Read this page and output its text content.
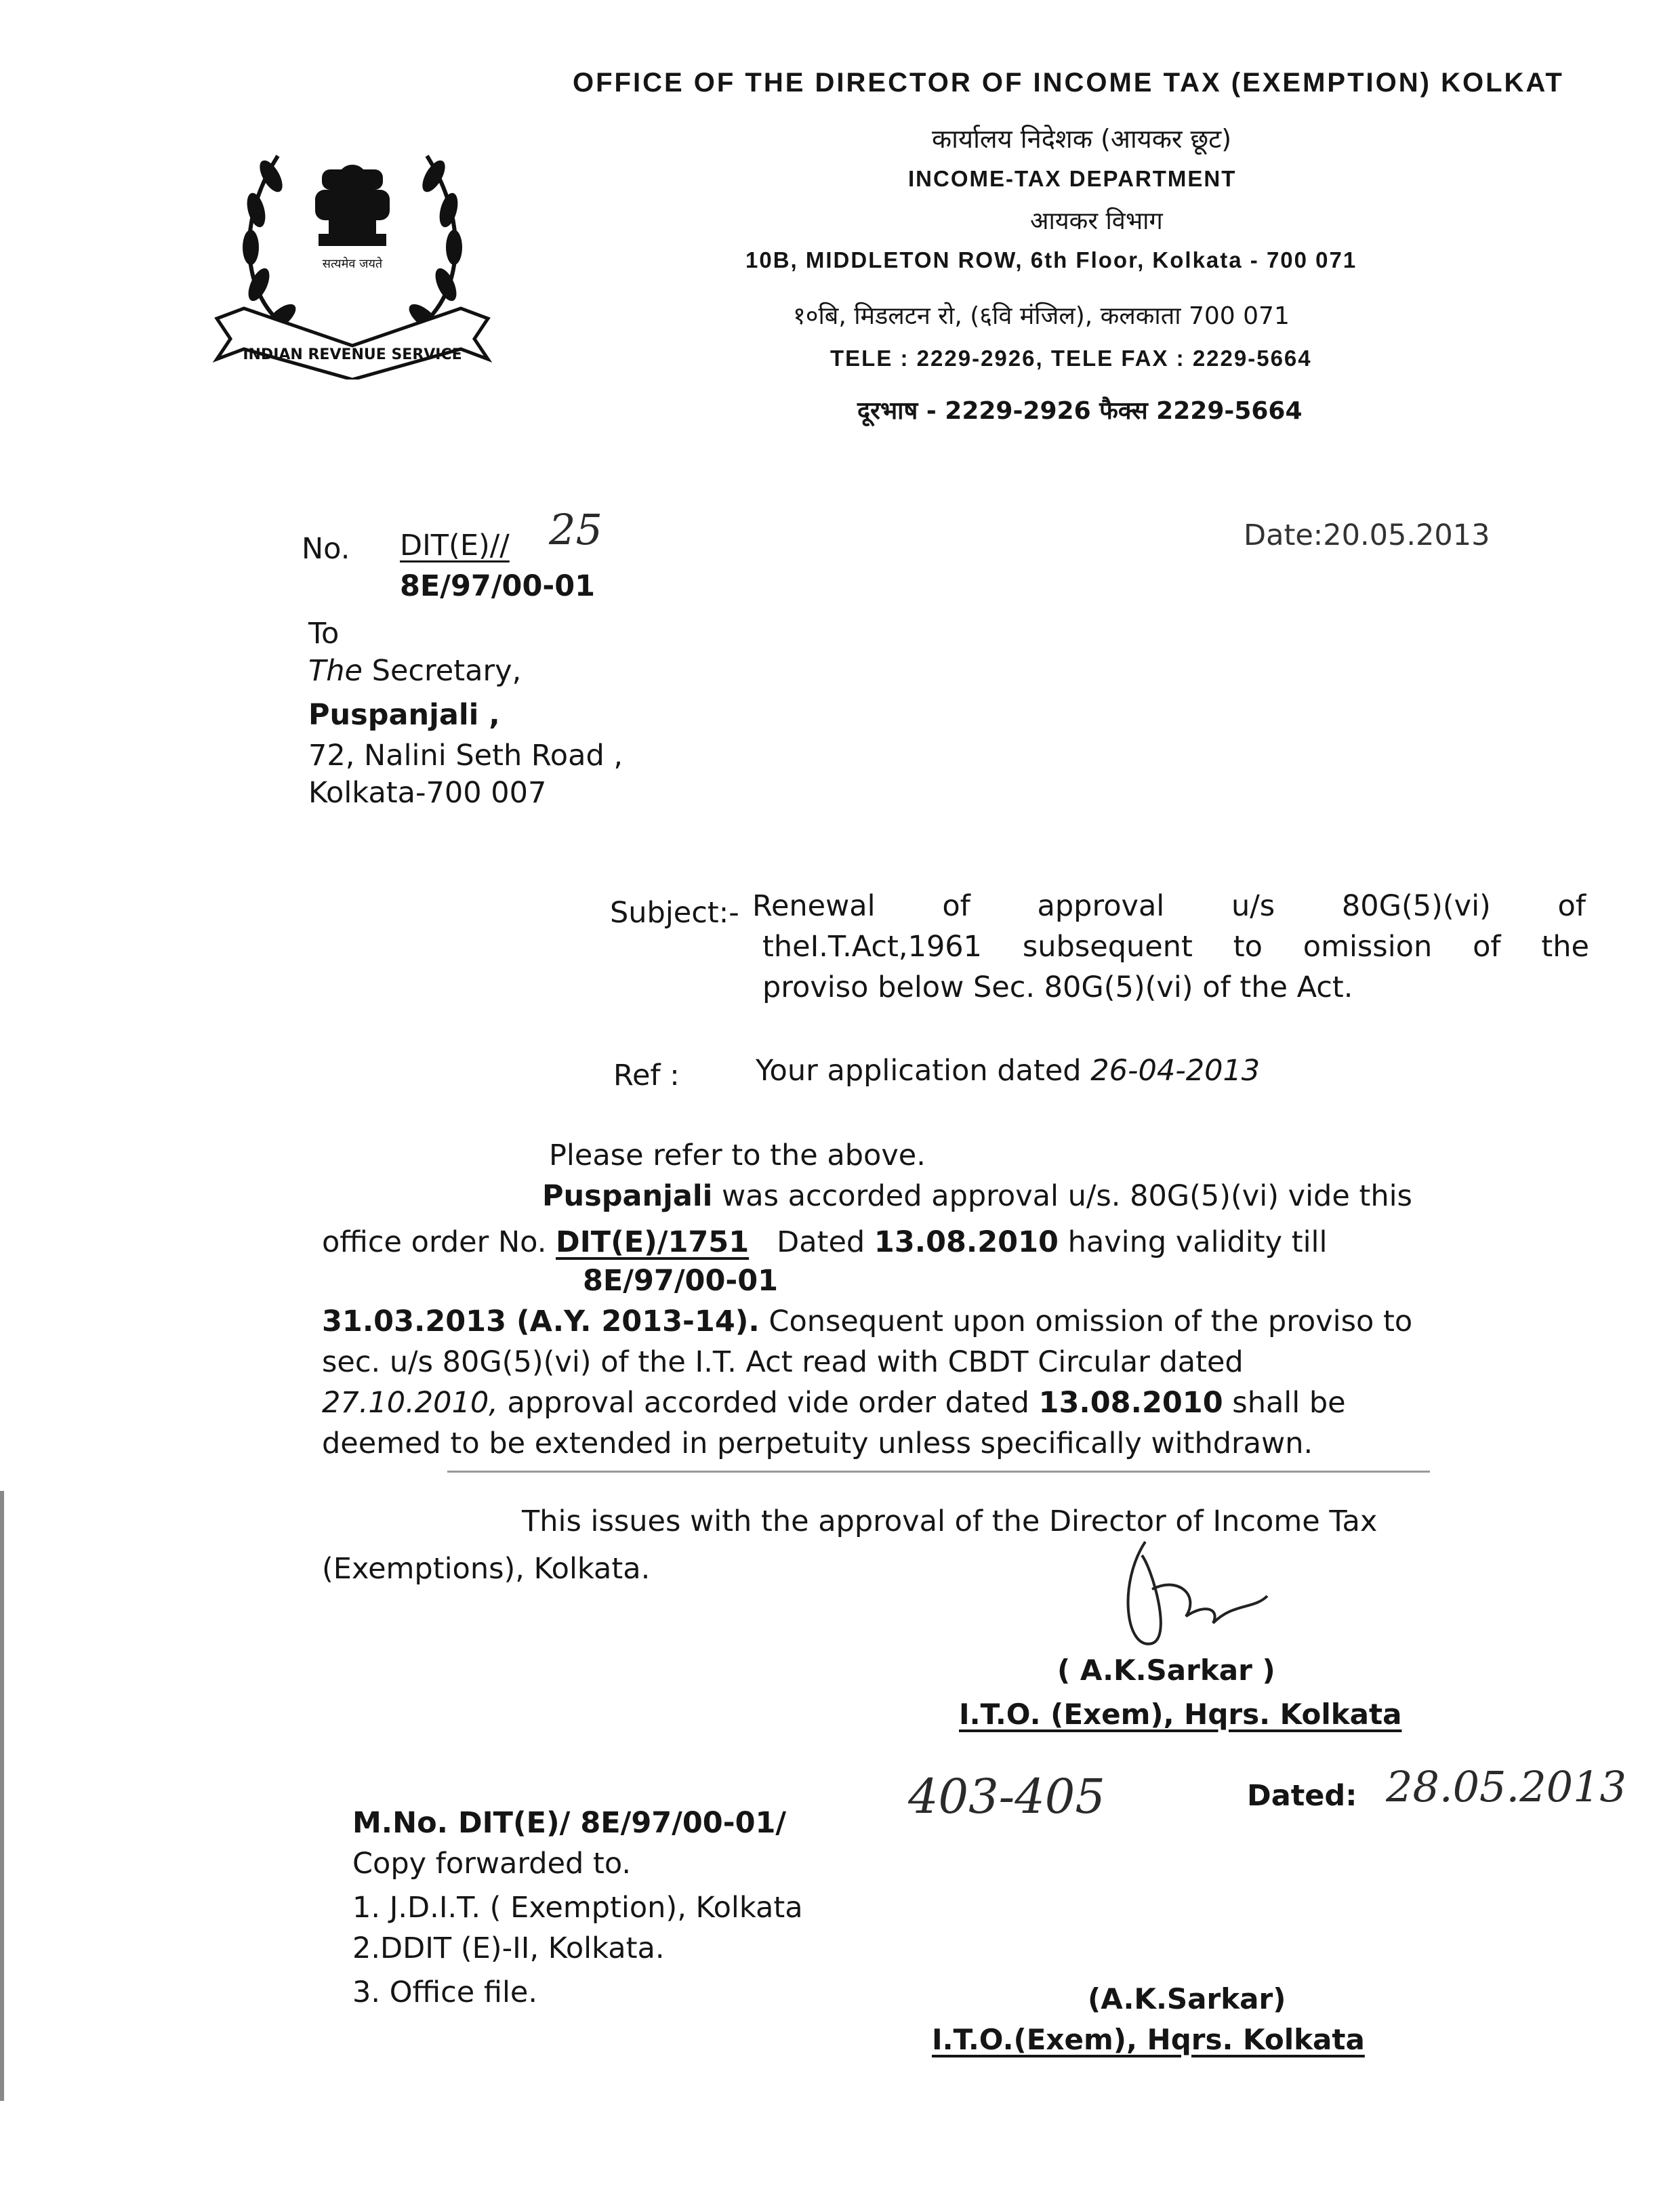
सत्यमेव जयते
INDIAN REVENUE SERVICE
OFFICE OF THE DIRECTOR OF INCOME TAX (EXEMPTION) KOLKAT
कार्यालय निदेशक (आयकर छूट)
INCOME-TAX DEPARTMENT
आयकर विभाग
10B, MIDDLETON ROW, 6th Floor, Kolkata - 700 071
१०बि, मिडलटन रो, (६वि मंजिल), कलकाता 700 071
TELE : 2229-2926, TELE FAX : 2229-5664
दूरभाष - 2229-2926 फैक्स 2229-5664
No. DIT(E)// 25
8E/97/00-01
Date:20.05.2013
To
The Secretary,
Puspanjali ,
72, Nalini Seth Road ,
Kolkata-700 007
Subject:- Renewal of approval u/s 80G(5)(vi) of
theI.T.Act,1961 subsequent to omission of the
proviso below Sec. 80G(5)(vi) of the Act.
Ref :	Your application dated 26-04-2013
Please refer to the above.
Puspanjali was accorded approval u/s. 80G(5)(vi) vide this
office order No. DIT(E)/1751 Dated 13.08.2010 having validity till
8E/97/00-01
31.03.2013 (A.Y. 2013-14). Consequent upon omission of the proviso to
sec. u/s 80G(5)(vi) of the I.T. Act read with CBDT Circular dated
27.10.2010, approval accorded vide order dated 13.08.2010 shall be
deemed to be extended in perpetuity unless specifically withdrawn.
This issues with the approval of the Director of Income Tax
(Exemptions), Kolkata.
( A.K.Sarkar )
I.T.O. (Exem), Hqrs. Kolkata
M.No. DIT(E)/ 8E/97/00-01/	403-405	Dated: 28.05.2013
Copy forwarded to.
1. J.D.I.T. ( Exemption), Kolkata
2.DDIT (E)-II, Kolkata.
3. Office file.	(A.K.Sarkar)
I.T.O.(Exem), Hqrs. Kolkata
